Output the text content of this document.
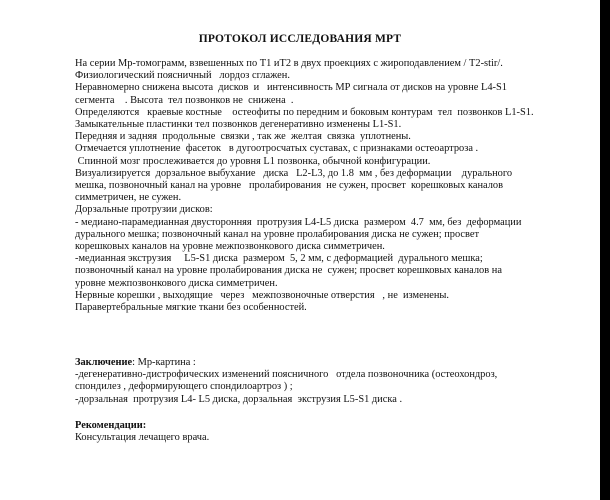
ПРОТОКОЛ ИССЛЕДОВАНИЯ МРТ
На серии Мр-томограмм, взвешенных по Т1 иТ2 в двух проекциях с жироподавлением / Т2-stir/.
Физиологический поясничный   лордоз сглажен.
Неравномерно снижена высота  дисков  и   интенсивность МР сигнала от дисков на уровне L4-S1
сегмента    . Высота  тел позвонков не  снижена  .
Определяются   краевые костные    остеофиты по передним и боковым контурам  тел  позвонков L1-S1.
Замыкательные пластинки тел позвонков дегенеративно изменены L1-S1.
Передняя и задняя  продольные  связки , так же  желтая  связка  уплотнены.
Отмечается уплотнение  фасеток   в дугоотросчатых суставах, с признаками остеоартроза .
Спинной мозг прослеживается до уровня L1 позвонка, обычной конфигурации.
Визуализируется  дорзальное выбухание   диска   L2-L3, до 1.8  мм , без деформации    дурального
мешка, позвоночный канал на уровне   пролабирования  не сужен, просвет  корешковых каналов
симметричен, не сужен.
Дорзальные протрузии дисков:
- медиано-парамедианная двусторонняя  протрузия L4-L5 диска  размером  4.7  мм, без  деформации
дурального мешка; позвоночный канал на уровне пролабирования диска не сужен; просвет
корешковых каналов на уровне межпозвонкового диска симметричен.
-медианная экструзия     L5-S1 диска  размером  5, 2 мм, с деформацией  дурального мешка;
позвоночный канал на уровне пролабирования диска не  сужен; просвет корешковых каналов на
уровне межпозвонкового диска симметричен.
Нервные корешки , выходящие   через   межпозвоночные отверстия   , не  изменены.
Паравертебральные мягкие ткани без особенностей.
Заключение: Мр-картина :
-дегенеративно-дистрофических изменений поясничного   отдела позвоночника (остеохондроз,
спондилез , деформирующего спондилоартроз ) ;
-дорзальная  протрузия L4- L5 диска, дорзальная  экструзия L5-S1 диска .
Рекомендации:
Консультация лечащего врача.
